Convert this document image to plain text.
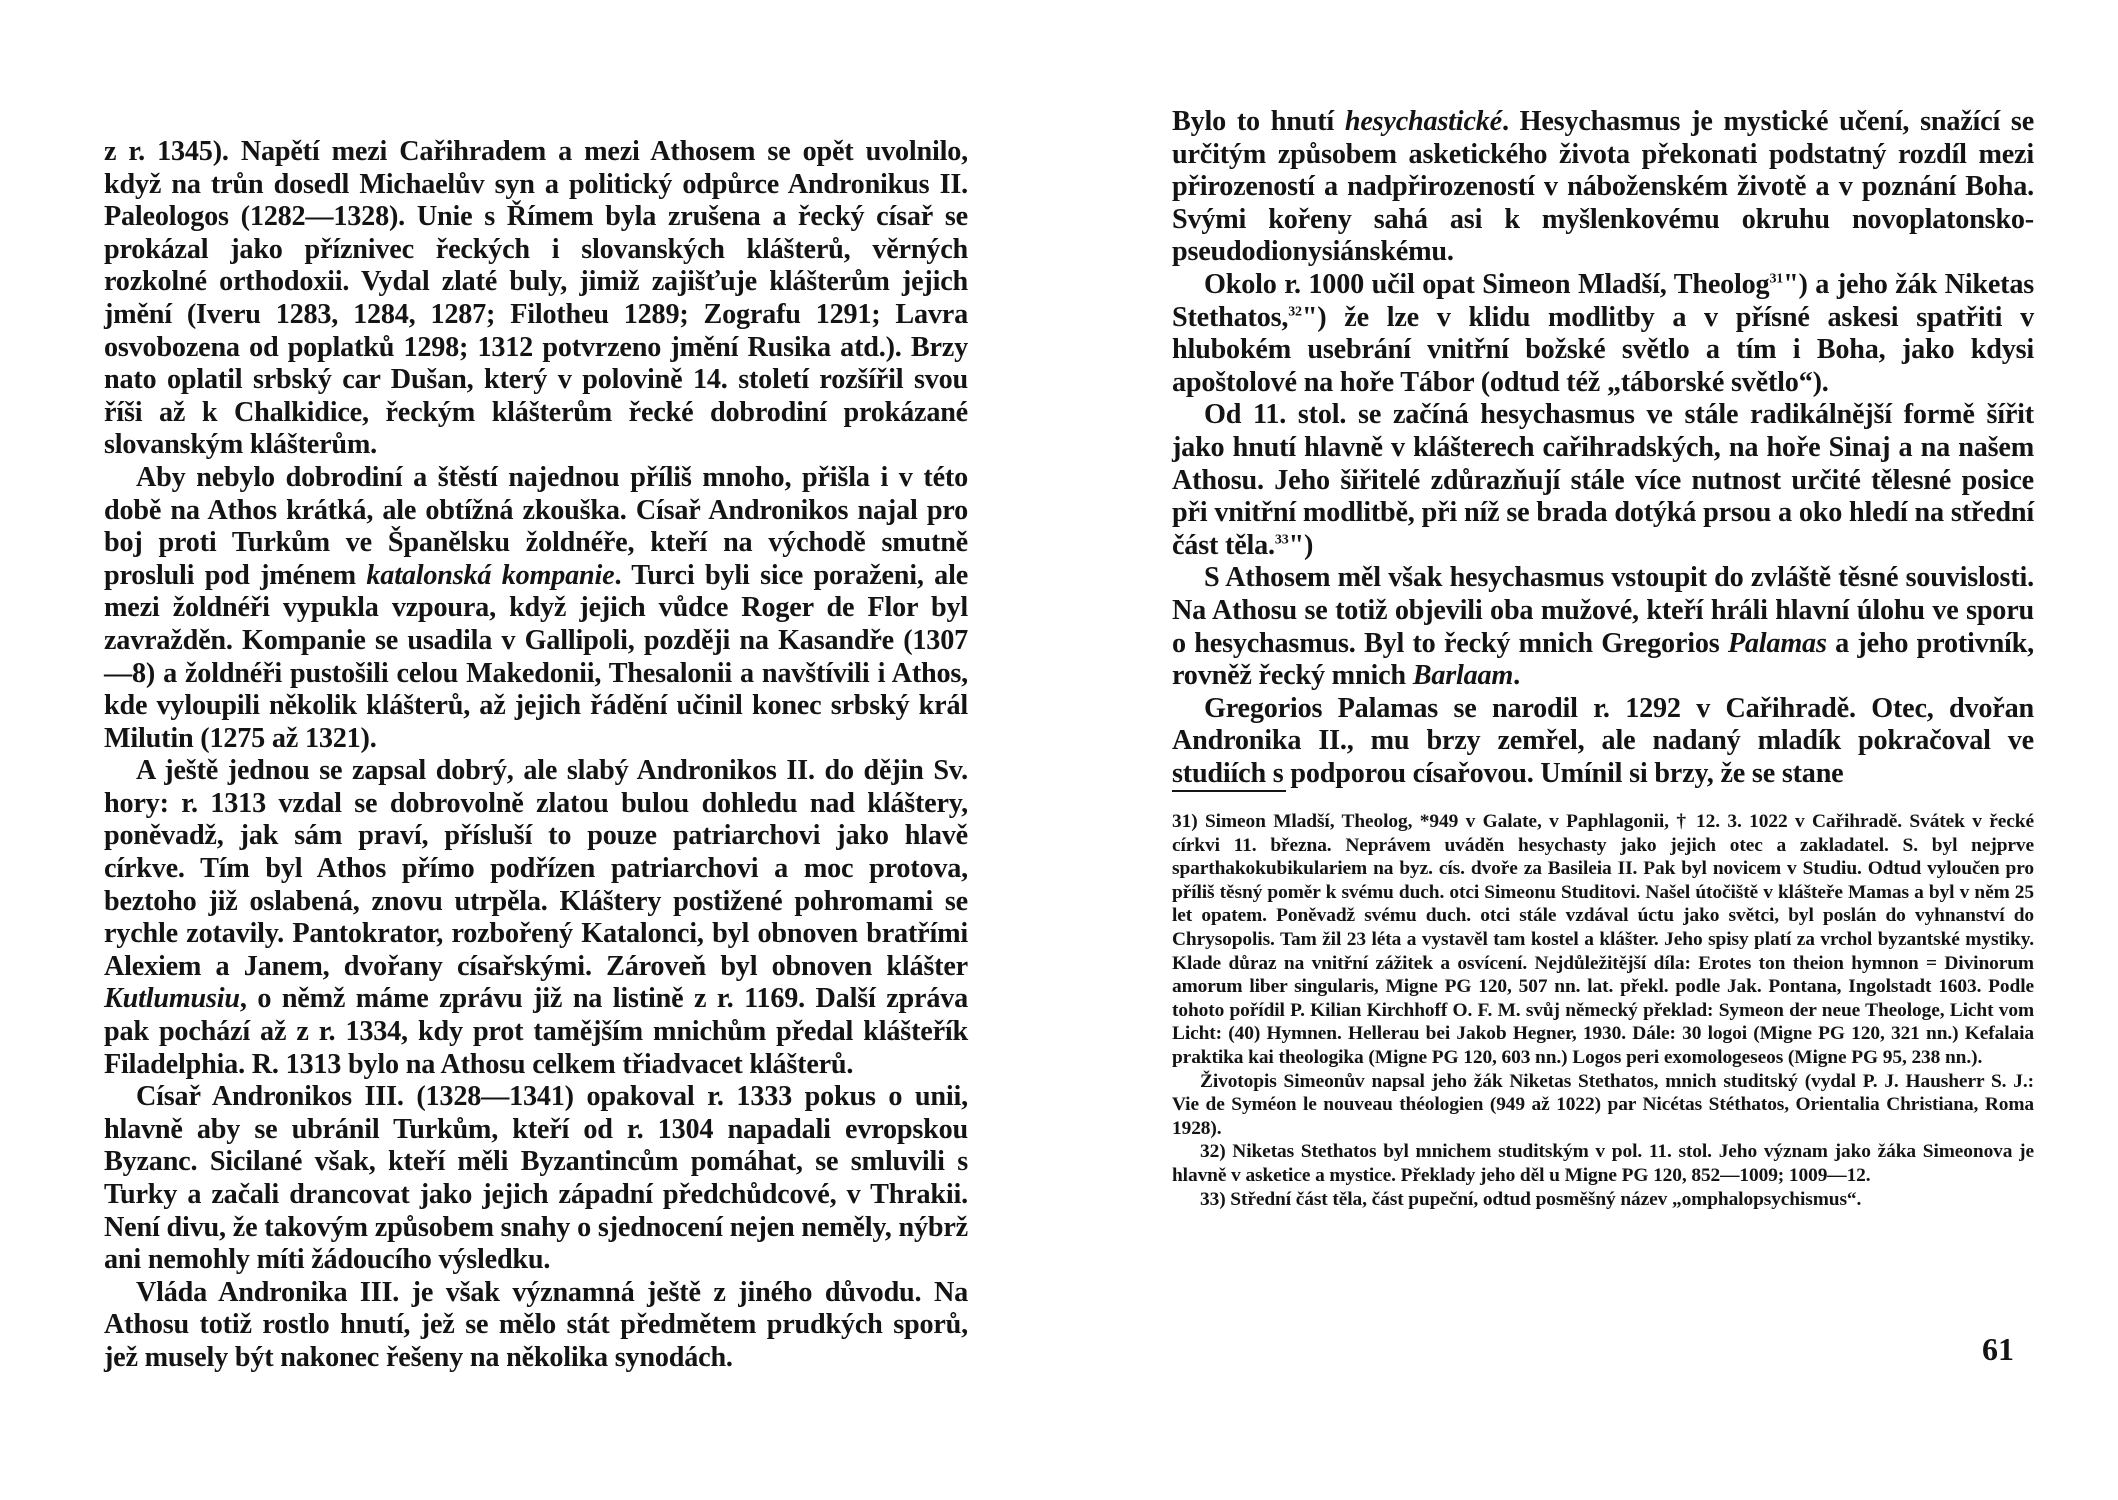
z r. 1345). Napětí mezi Cařihradem a mezi Athosem se opět uvolnilo, když na trůn dosedl Michaelův syn a politický odpůrce Andronikus II. Paleologos (1282—1328). Unie s Římem byla zrušena a řecký císař se prokázal jako příznivec řeckých i slovanských klášterů, věrných rozkolné orthodoxii. Vydal zlaté buly, jimiž zajišťuje klášterům jejich jmění (Iveru 1283, 1284, 1287; Filotheu 1289; Zografu 1291; Lavra osvobozena od poplatků 1298; 1312 potvrzeno jmění Rusika atd.). Brzy nato oplatil srbský car Dušan, který v polovině 14. století rozšířil svou říši až k Chalkidice, řeckým klášterům řecké dobrodiní prokázané slovanským klášterům.

Aby nebylo dobrodiní a štěstí najednou příliš mnoho, přišla i v této době na Athos krátká, ale obtížná zkouška. Císař Andronikos najal pro boj proti Turkům ve Španělsku žoldnéře, kteří na východě smutně prosluli pod jménem katalonská kompanie. Turci byli sice poraženi, ale mezi žoldnéři vypukla vzpoura, když jejich vůdce Roger de Flor byl zavražděn. Kompanie se usadila v Gallipoli, později na Kasandře (1307—8) a žoldnéři pustošili celou Makedonii, Thesalonii a navštívili i Athos, kde vyloupili několik klášterů, až jejich řádění učinil konec srbský král Milutin (1275 až 1321).

A ještě jednou se zapsal dobrý, ale slabý Andronikos II. do dějin Sv. hory: r. 1313 vzdal se dobrovolně zlatou bulou dohledu nad kláštery, poněvadž, jak sám praví, přísluší to pouze patriarchovi jako hlavě církve. Tím byl Athos přímo podřízen patriarchovi a moc protova, beztoho již oslabená, znovu utrpěla. Kláštery postižené pohromami se rychle zotavily. Pantokrator, rozbořený Katalonci, byl obnoven bratřími Alexiem a Janem, dvořany císařskými. Zároveň byl obnoven klášter Kutlumusiu, o němž máme zprávu již na listině z r. 1169. Další zpráva pak pochází až z r. 1334, kdy prot tamějším mnichům předal klášteřík Filadelphia. R. 1313 bylo na Athosu celkem třiadvacet klášterů.

Císař Andronikos III. (1328—1341) opakoval r. 1333 pokus o unii, hlavně aby se ubránil Turkům, kteří od r. 1304 napadali evropskou Byzanc. Sicilané však, kteří měli Byzantincům pomáhat, se smluvili s Turky a začali drancovat jako jejich západní předchůdcové, v Thrakii. Není divu, že takovým způsobem snahy o sjednocení nejen neměly, nýbrž ani nemohly míti žádoucího výsledku.

Vláda Andronika III. je však významná ještě z jiného důvodu. Na Athosu totiž rostlo hnutí, jež se mělo stát předmětem prudkých sporů, jež musely být nakonec řešeny na několika synodách.

Bylo to hnutí hesychastické. Hesychasmus je mystické učení, snažící se určitým způsobem asketického života překonati podstatný rozdíl mezi přirozeností a nadpřirozeností v náboženském životě a v poznání Boha. Svými kořeny sahá asi k myšlenkovému okruhu novoplatonsko-pseudodionysiánskému.

Okolo r. 1000 učil opat Simeon Mladší, Theolog$^{31}$") a jeho žák Niketas Stethatos,$^{32}$") že lze v klidu modlitby a v přísné askesi spatřiti v hlubokém usebrání vnitřní božské světlo a tím i Boha, jako kdysi apoštolové na hoře Tábor (odtud též „táborské světlo“).

Od 11. stol. se začíná hesychasmus ve stále radikálnější formě šířit jako hnutí hlavně v klášterech cařihradských, na hoře Sinaj a na našem Athosu. Jeho šiřitelé zdůrazňují stále více nutnost určité tělesné posice při vnitřní modlitbě, při níž se brada dotýká prsou a oko hledí na střední část těla.$^{33}$")

S Athosem měl však hesychasmus vstoupit do zvláště těsné souvislosti. Na Athosu se totiž objevili oba mužové, kteří hráli hlavní úlohu ve sporu o hesychasmus. Byl to řecký mnich Gregorios Palamas a jeho protivník, rovněž řecký mnich Barlaam.

Gregorios Palamas se narodil r. 1292 v Cařihradě. Otec, dvořan Andronika II., mu brzy zemřel, ale nadaný mladík pokračoval ve studiích s podporou císařovou. Umínil si brzy, že se stane

31) Simeon Mladší, Theolog, *949 v Galate, v Paphlagonii, † 12. 3. 1022 v Cařihradě. Svátek v řecké církvi 11. března. Neprávem uváděn hesychasty jako jejich otec a zakladatel. S. byl nejprve sparthakokubikulariem na byz. cís. dvoře za Basileia II. Pak byl novicem v Studiu. Odtud vyloučen pro příliš těsný poměr k svému duch. otci Simeonu Studitovi. Našel útočiště v klášteře Mamas a byl v něm 25 let opatem. Poněvadž svému duch. otci stále vzdával úctu jako světci, byl poslán do vyhnanství do Chrysopolis. Tam žil 23 léta a vystavěl tam kostel a klášter. Jeho spisy platí za vrchol byzantské mystiky. Klade důraz na vnitřní zážitek a osvícení. Nejdůležitější díla: Erotes ton theion hymnon = Divinorum amorum liber singularis, Migne PG 120, 507 nn. lat. překl. podle Jak. Pontana, Ingolstadt 1603. Podle tohoto pořídil P. Kilian Kirchhoff O. F. M. svůj německý překlad: Symeon der neue Theologe, Licht vom Licht: (40) Hymnen. Hellerau bei Jakob Hegner, 1930. Dále: 30 logoi (Migne PG 120, 321 nn.) Kefalaia praktika kai theologika (Migne PG 120, 603 nn.) Logos peri exomologeseos (Migne PG 95, 238 nn.).

Životopis Simeonův napsal jeho žák Niketas Stethatos, mnich studitský (vydal P. J. Hausherr S. J.: Vie de Syméon le nouveau théologien (949 až 1022) par Nicétas Stéthatos, Orientalia Christiana, Roma 1928).

32) Niketas Stethatos byl mnichem studitským v pol. 11. stol. Jeho význam jako žáka Simeonova je hlavně v asketice a mystice. Překlady jeho děl u Migne PG 120, 852—1009; 1009—12.

33) Střední část těla, část pupeční, odtud posměšný název „omphalopsychismus“.

61
